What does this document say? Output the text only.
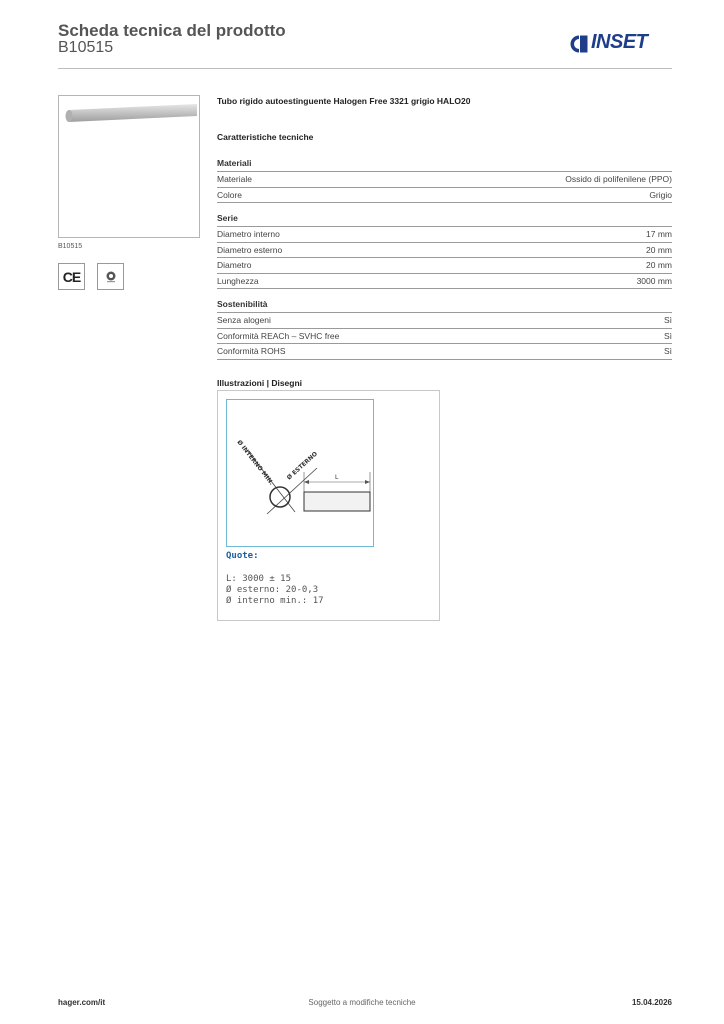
Scheda tecnica del prodotto
B10515	INSET
B10515
CE
Tubo rigido autoestinguente Halogen Free 3321 grigio HALO20
Caratteristiche tecniche
Materiali
Materiale	Ossido di polifenilene (PPO)
Colore	Grigio
Serie
Diametro interno	17 mm
Diametro esterno	20 mm
Diametro	20 mm
Lunghezza	3000 mm
Sostenibilità
Senza alogeni	Sì
Conformità REACh – SVHC free	Sì
Conformità ROHS	Sì
Illustrazioni | Disegni
Ø INTERNO MIN. Ø ESTERNO	L
Quote:
L: 3000 ± 15
Ø esterno: 20-0,3
Ø interno min.: 17
hager.com/it	Soggetto a modifiche tecniche	15.04.2026
